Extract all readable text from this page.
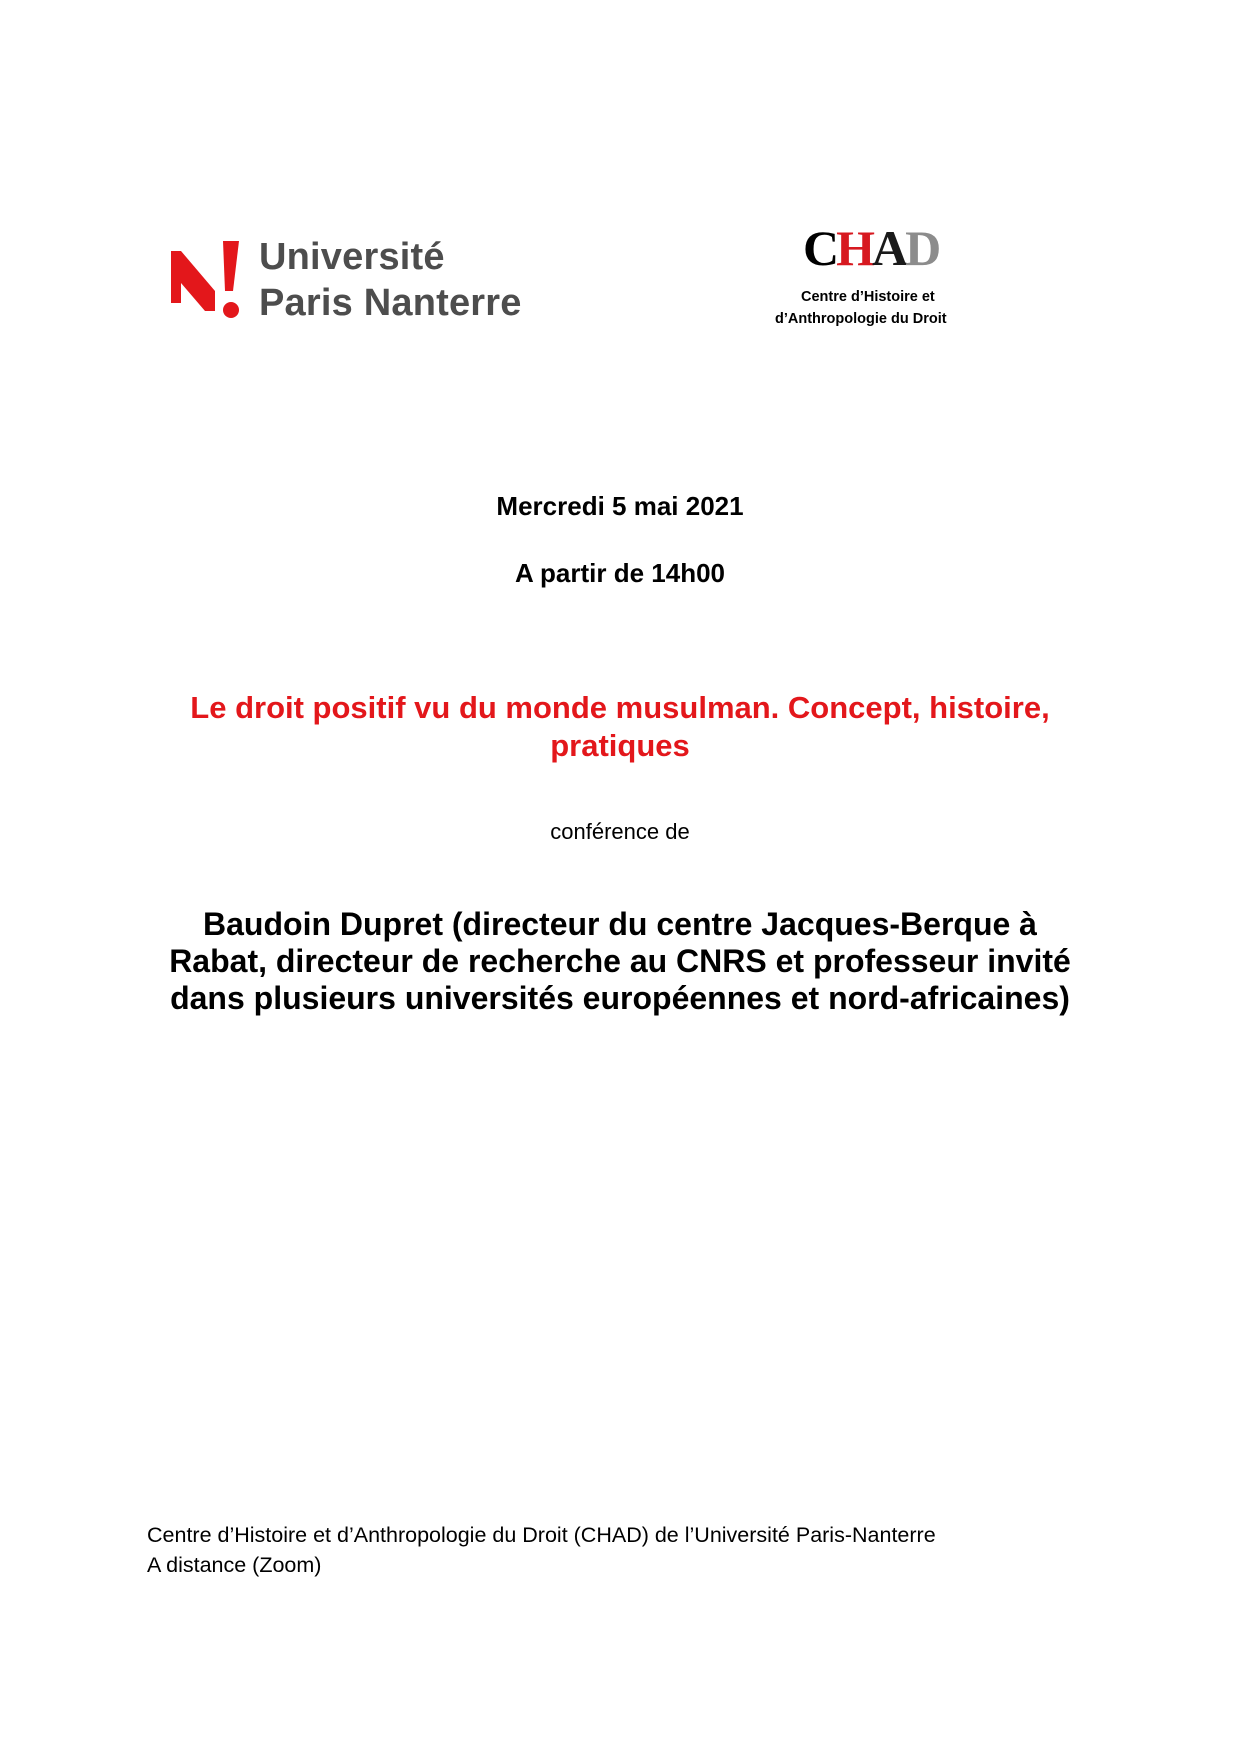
Université
Paris Nanterre
CHAD
Centre d’Histoire et
d’Anthropologie du Droit
Mercredi 5 mai 2021
A partir de 14h00
Le droit positif vu du monde musulman. Concept, histoire,
pratiques
conférence de
Baudoin Dupret (directeur du centre Jacques-Berque à
Rabat, directeur de recherche au CNRS et professeur invité
dans plusieurs universités européennes et nord-africaines)
Centre d’Histoire et d’Anthropologie du Droit (CHAD) de l’Université Paris-Nanterre
A distance (Zoom)
